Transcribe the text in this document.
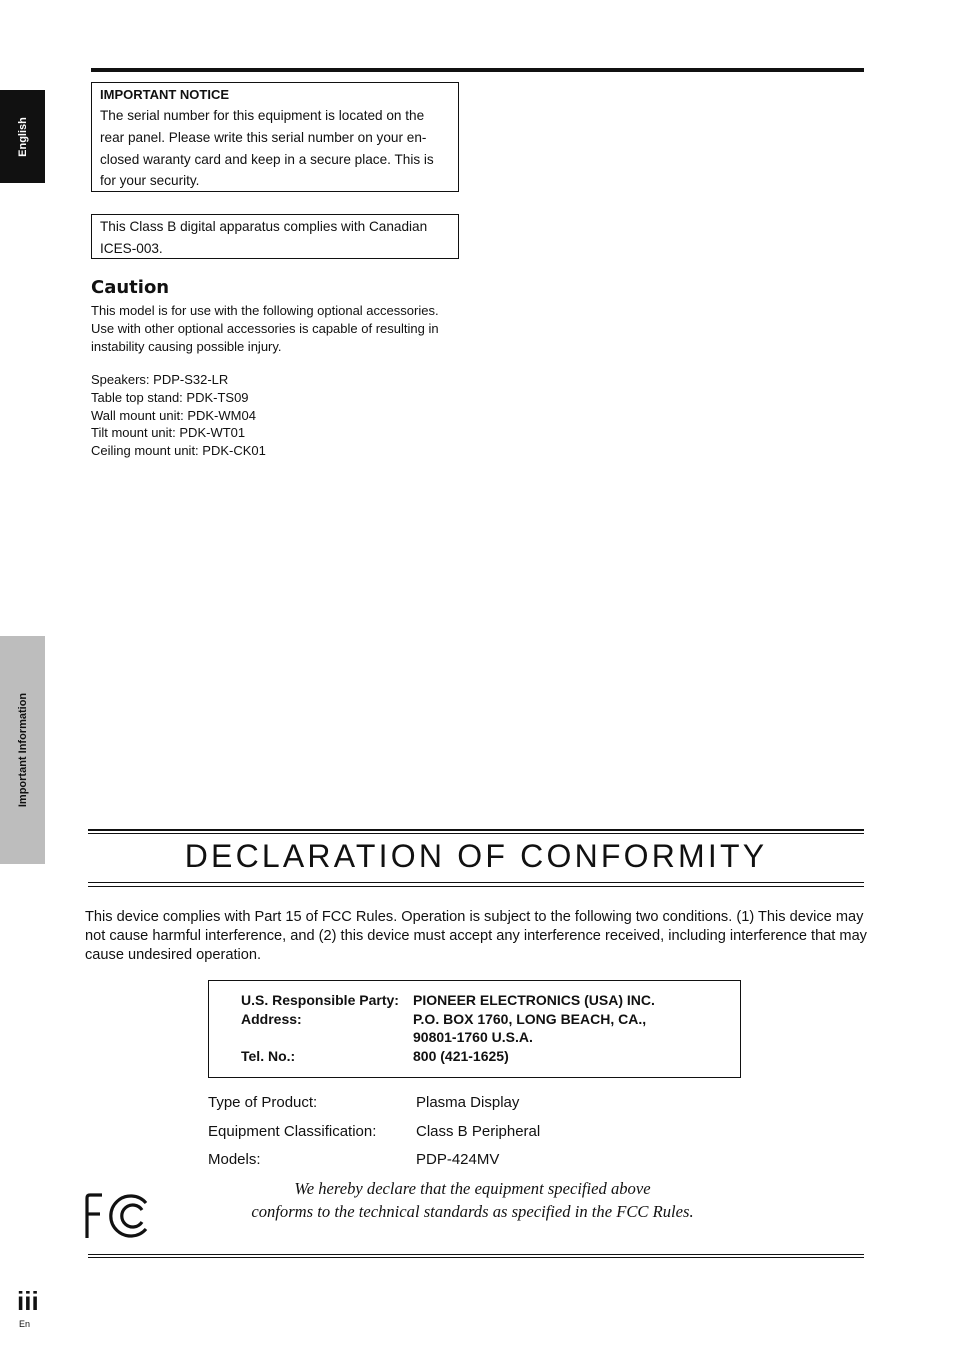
English
Important Information
IMPORTANT NOTICE
The serial number for this equipment is located on the
rear panel. Please write this serial number on your en-
closed waranty card and keep in a secure place. This is
for your security.
This Class B digital apparatus complies with Canadian
ICES-003.
Caution
This model is for use with the following optional accessories.
Use with other optional accessories is capable of resulting in
instability causing possible injury.
Speakers: PDP-S32-LR
Table top stand: PDK-TS09
Wall mount unit: PDK-WM04
Tilt mount unit: PDK-WT01
Ceiling mount unit: PDK-CK01
DECLARATION OF CONFORMITY
This device complies with Part 15 of FCC Rules. Operation is subject to the following two conditions. (1) This device may not cause harmful interference, and (2) this device must accept any interference received, including interference that may cause undesired operation.
U.S. Responsible Party:	PIONEER ELECTRONICS (USA) INC.
Address:	P.O. BOX 1760, LONG BEACH, CA.,
90801-1760 U.S.A.
Tel. No.:	800 (421-1625)
Type of Product:	Plasma Display
Equipment Classification:	Class B Peripheral
Models:	PDP-424MV
We hereby declare that the equipment specified above
conforms to the technical standards as specified in the FCC Rules.
iii
En
